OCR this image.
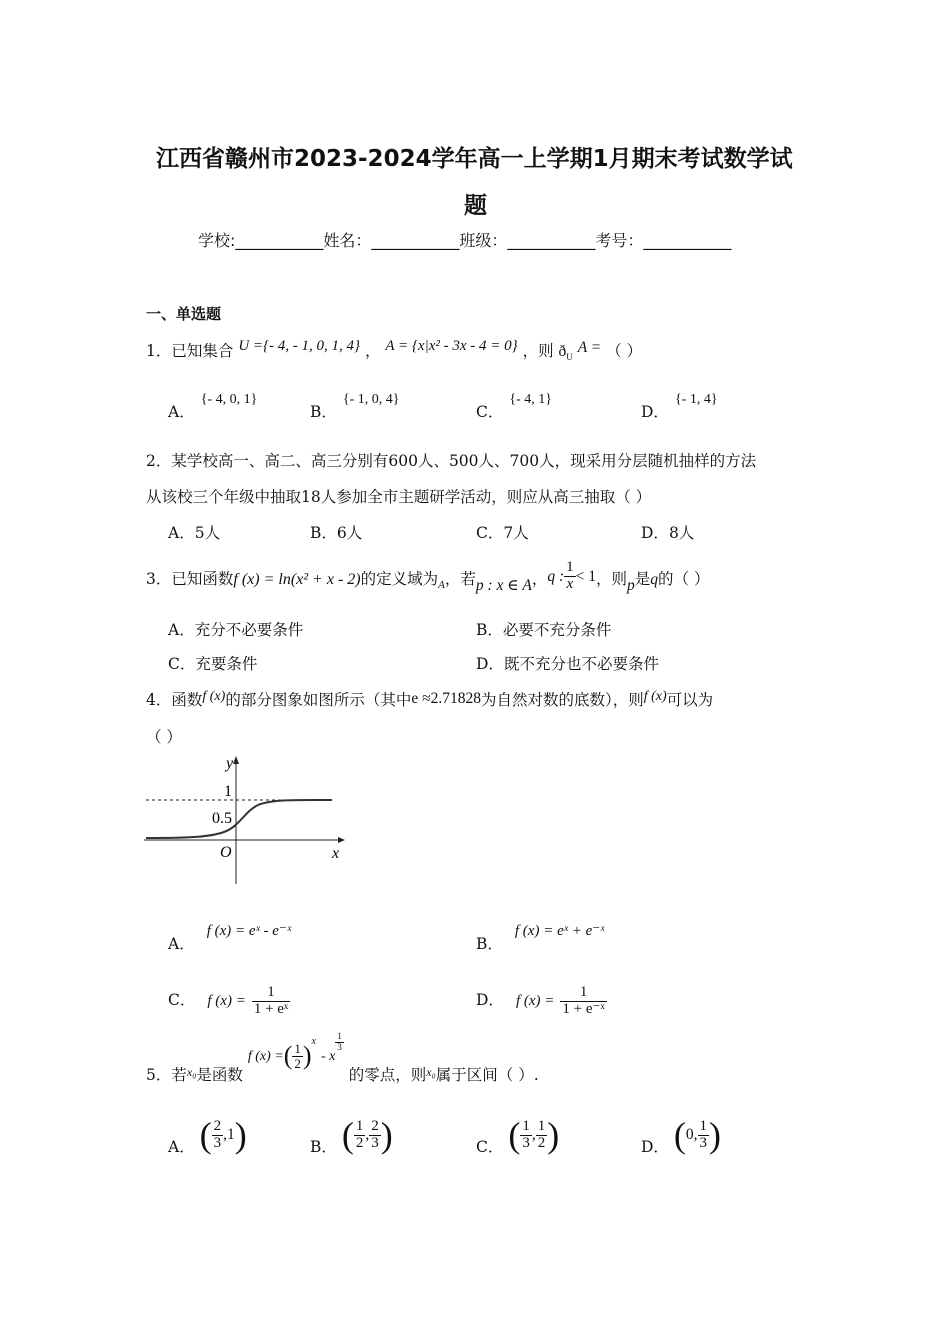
江西省赣州市2023-2024学年高一上学期1月期末考试数学试
题
学校:___________姓名：___________班级：___________考号：___________
一、单选题
1．已知集合 U ={- 4, - 1, 0, 1, 4} ， A = {x|x² - 3x - 4 = 0} ，则 $ð_U$ A = （ ）
A．{- 4, 0, 1}
B．{- 1, 0, 4}
C．{- 4, 1}
D．{- 1, 4}
2．某学校高一、高二、高三分别有600人、500人、700人，现采用分层随机抽样的方法
从该校三个年级中抽取18人参加全市主题研学活动，则应从高三抽取（ ）
A．5人	B．6人	C．7人	D．8人
3．已知函数f (x) = ln(x² + x - 2)的定义域为$_A$，若p : x ∈ A，q : $\frac{1}{x} < 1$，则p是q的（ ）
A．充分不必要条件	B．必要不充分条件
C．充要条件	D．既不充分也不必要条件
4．函数f (x)的部分图象如图所示（其中e ≈2.71828为自然对数的底数），则f (x)可以为
（ ）
y
x
O
1
0.5
A．f (x) = eˣ - e⁻ˣ
B．f (x) = eˣ + e⁻ˣ
C． f $(x) = \frac{1}{\text{1 + eˣ}}$	D． f $(x) = \frac{1}{\text{1 + e⁻ˣ}}$
5．若$^{x_0}$是函数 f (x) =( $\frac{1}{2} )^x$ - x
$\frac{1}{3}$
的零点，则$^{x_0}$属于区间（ ）.
A． ( $\frac{2}{3} ,1$)	B． ( $\frac{1}{2}$ , $\frac{2}{3}$ )	C． ( $\frac{1}{3}$ , $\frac{1}{2}$ )	D． (0, $\frac{1}{3}$ )
